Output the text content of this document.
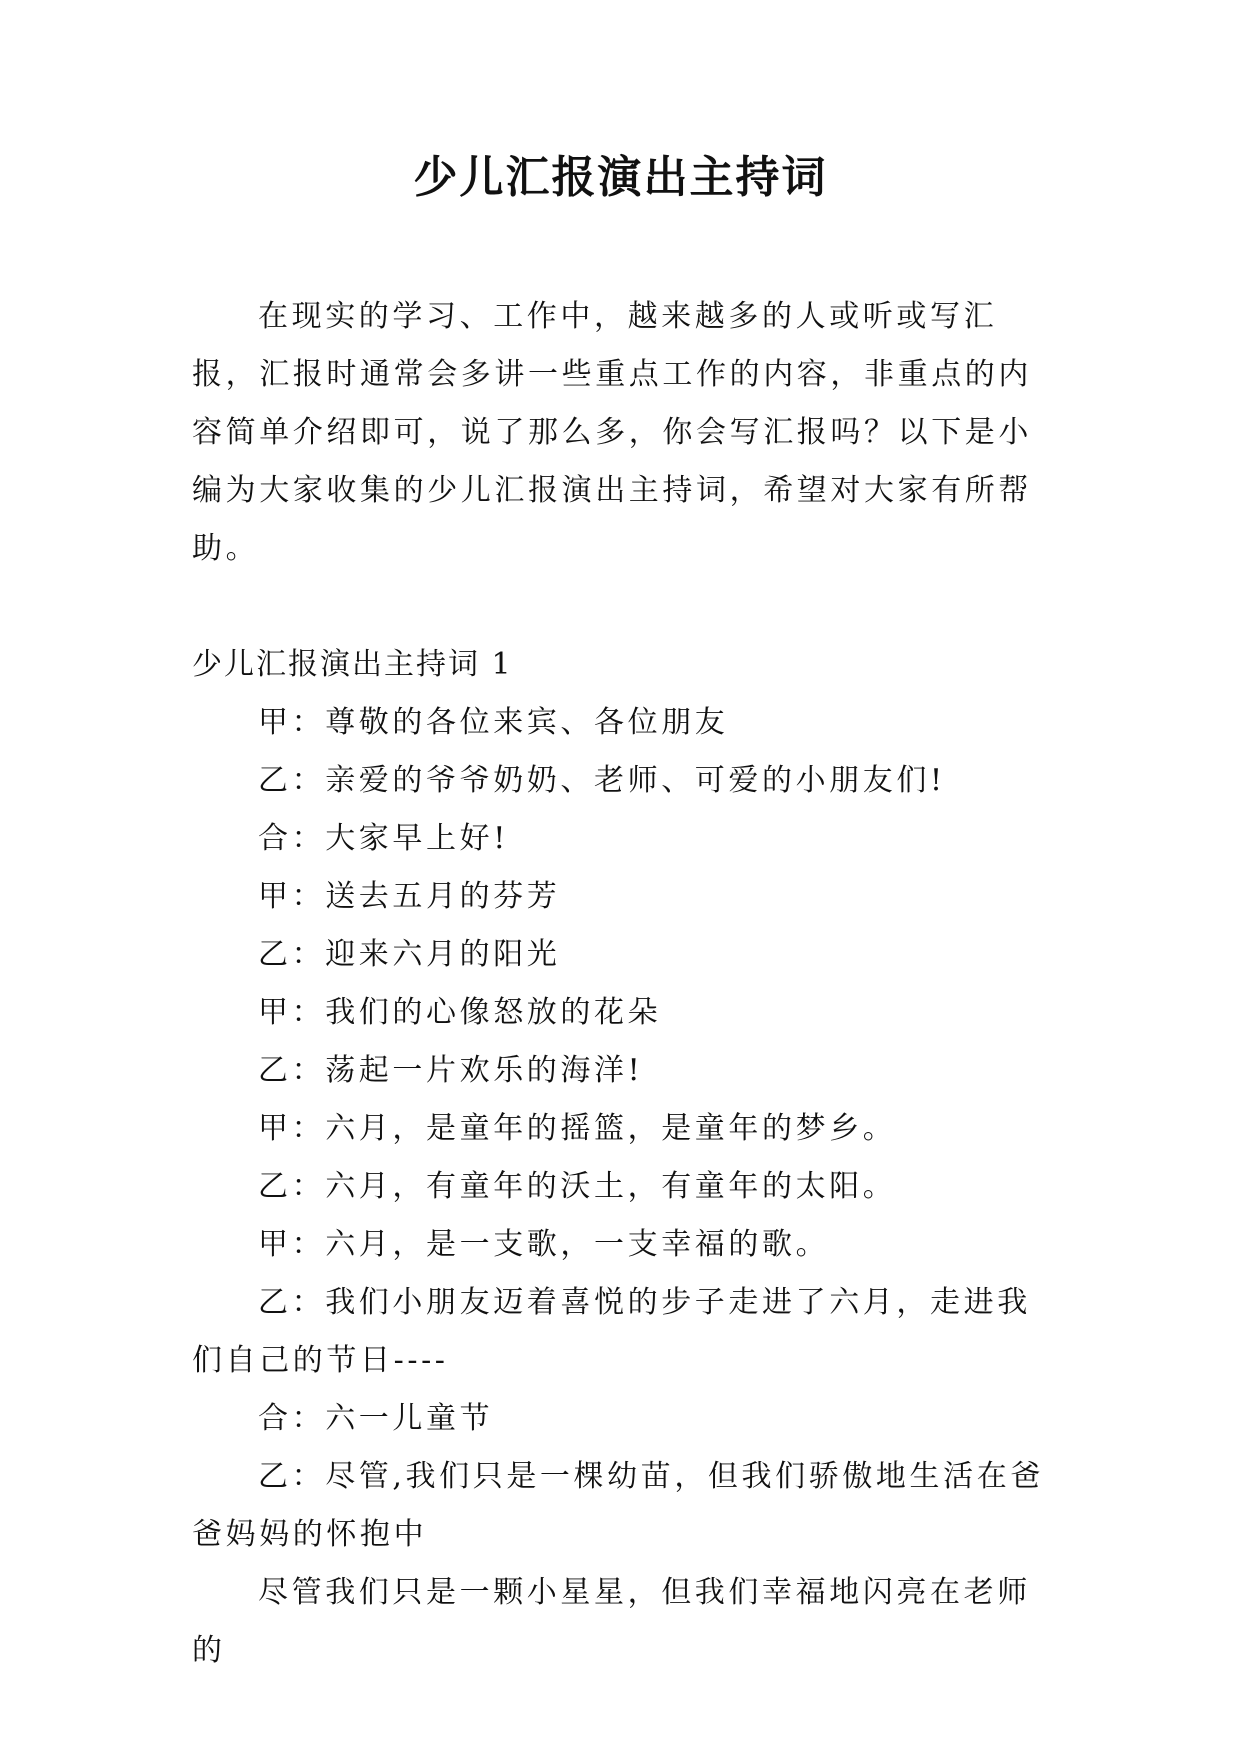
少儿汇报演出主持词

在现实的学习、工作中，越来越多的人或听或写汇报，汇报时通常会多讲一些重点工作的内容，非重点的内容简单介绍即可，说了那么多，你会写汇报吗？以下是小编为大家收集的少儿汇报演出主持词，希望对大家有所帮助。

少儿汇报演出主持词 1

甲：尊敬的各位来宾、各位朋友

乙：亲爱的爷爷奶奶、老师、可爱的小朋友们!

合：大家早上好!

甲：送去五月的芬芳

乙：迎来六月的阳光

甲：我们的心像怒放的花朵

乙：荡起一片欢乐的海洋!

甲：六月，是童年的摇篮，是童年的梦乡。

乙：六月，有童年的沃土，有童年的太阳。

甲：六月，是一支歌，一支幸福的歌。

乙：我们小朋友迈着喜悦的步子走进了六月，走进我们自己的节日----

合：六一儿童节

乙：尽管,我们只是一棵幼苗，但我们骄傲地生活在爸爸妈妈的怀抱中

尽管我们只是一颗小星星，但我们幸福地闪亮在老师的
